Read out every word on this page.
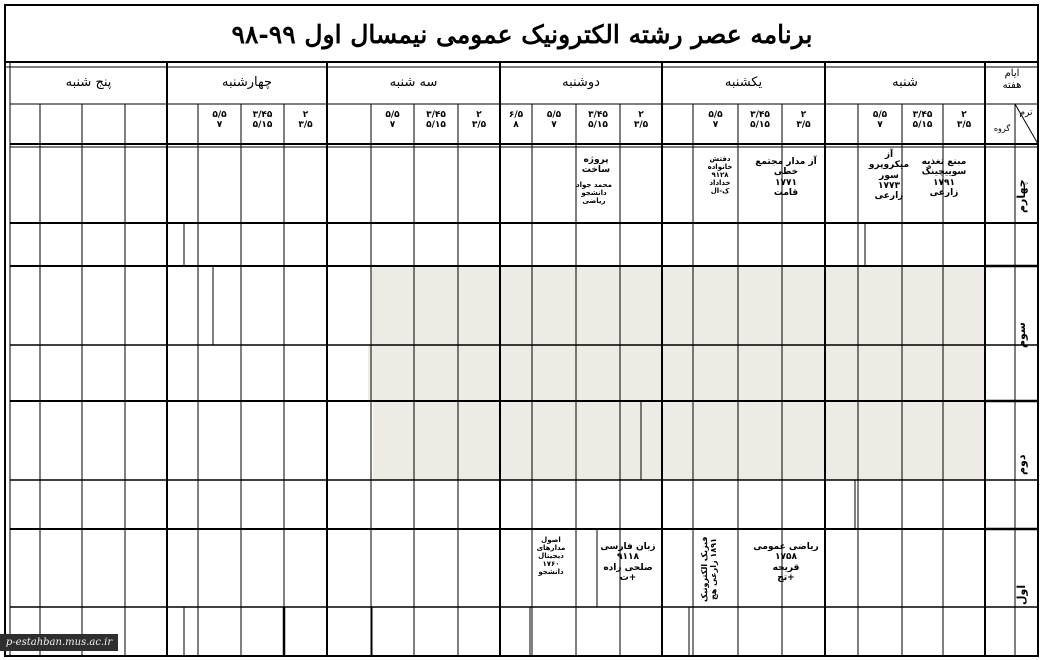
برنامه عصر رشته الکترونیک عمومی نیمسال اول ۹۹-۹۸
ایام
هفته
ترم
گروه
شنبه
یکشنبه
دوشنبه
سه شنبه
چهارشنبه
پنج شنبه
۲
۳/۵
۳/۴۵
۵/۱۵
۵/۵
۷
۲
۳/۵
۳/۴۵
۵/۱۵
۵/۵
۷
۲
۳/۵
۳/۴۵
۵/۱۵
۵/۵
۷
۶/۵
۸
۲
۳/۵
۳/۴۵
۵/۱۵
۵/۵
۷
۲
۳/۵
۳/۴۵
۵/۱۵
۵/۵
۷
چهارم
سوم
دوم
اول
مبنع تغذیه
سوییچینگ
۱۷۹۱
زارعی
آز
میکروپرو
سور
۱۷۷۳
زارعی
آز مدار مجتمع
خطی
۱۷۷۱
قامت
دفتش
خانواده
۹۱۲۸
خداداد
ک-ال
پروژه
ساخت
محمد جواد
دانشجو
ریاضی
ریاضی عمومی
۱۷۵۸
قریحه
+تج
فیزیک الکترونیک
۱۸۹۱ زارعی هج
زبان فارسی
۹۱۱۸
صلحی زاده
+ت
اصول
مدارهای
دیجیتال
۱۷۶۰
دانشجو
p-estahban.mus.ac.ir
